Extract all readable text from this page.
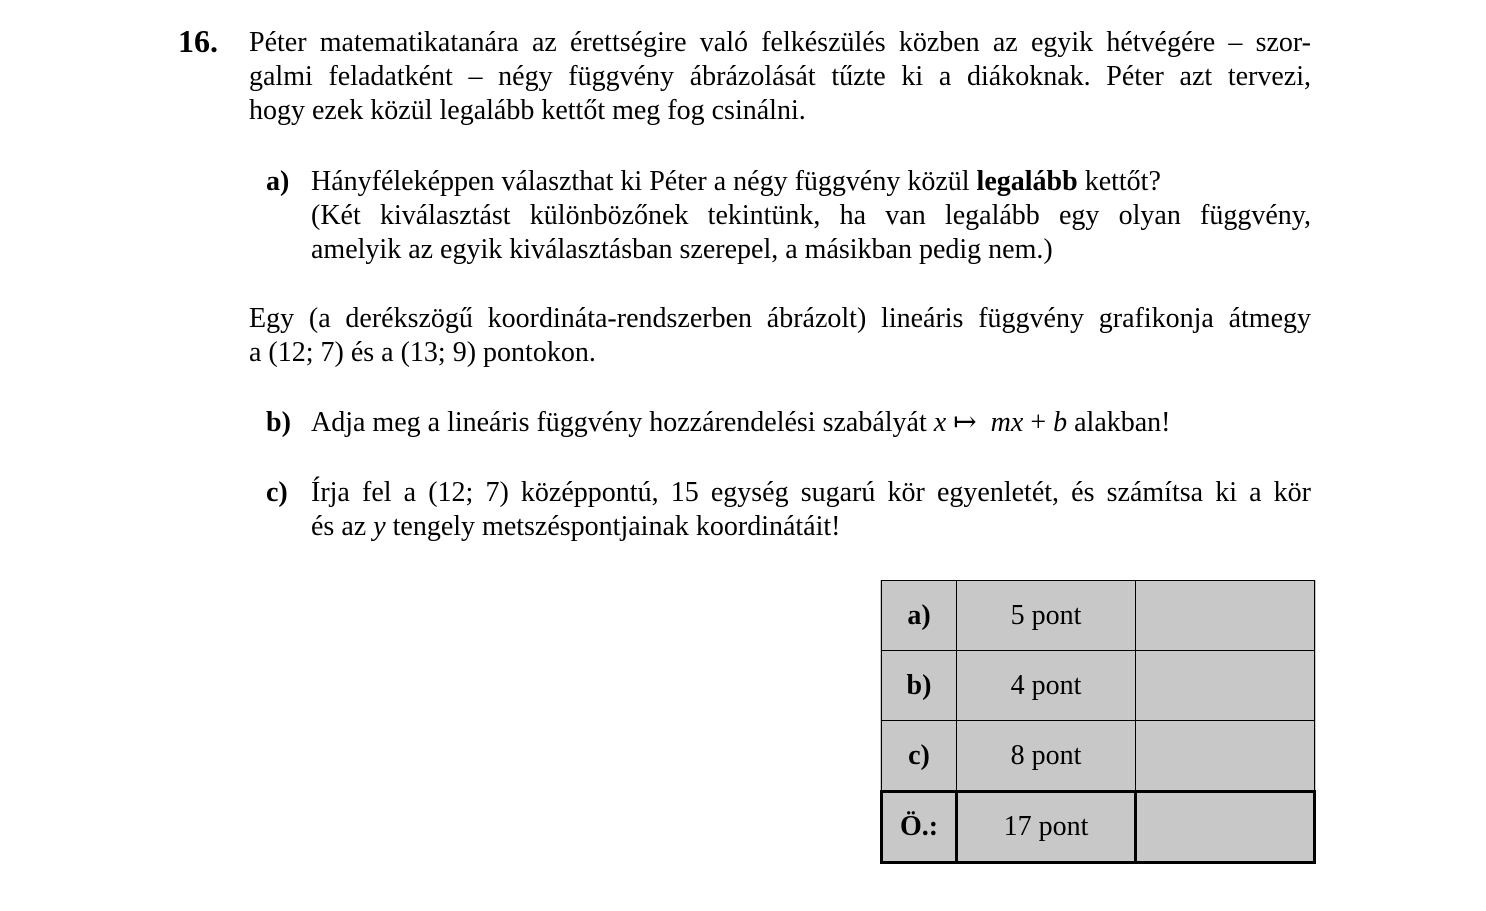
16. Péter matematikatanára az érettségire való felkészülés közben az egyik hétvégére – szor-
galmi feladatként – négy függvény ábrázolását tűzte ki a diákoknak. Péter azt tervezi,
hogy ezek közül legalább kettőt meg fog csinálni.
a) Hányféleképpen választhat ki Péter a négy függvény közül legalább kettőt?
(Két kiválasztást különbözőnek tekintünk, ha van legalább egy olyan függvény,
amelyik az egyik kiválasztásban szerepel, a másikban pedig nem.)
Egy (a derékszögű koordináta-rendszerben ábrázolt) lineáris függvény grafikonja átmegy
a (12; 7) és a (13; 9) pontokon.
b) Adja meg a lineáris függvény hozzárendelési szabályát x ↦  mx + b alakban!
c) Írja fel a (12; 7) középpontú, 15 egység sugarú kör egyenletét, és számítsa ki a kör
és az y tengely metszéspontjainak koordinátáit!
a)	5 pont	
b)	4 pont	
c)	8 pont	
Ö.:	17 pont	
